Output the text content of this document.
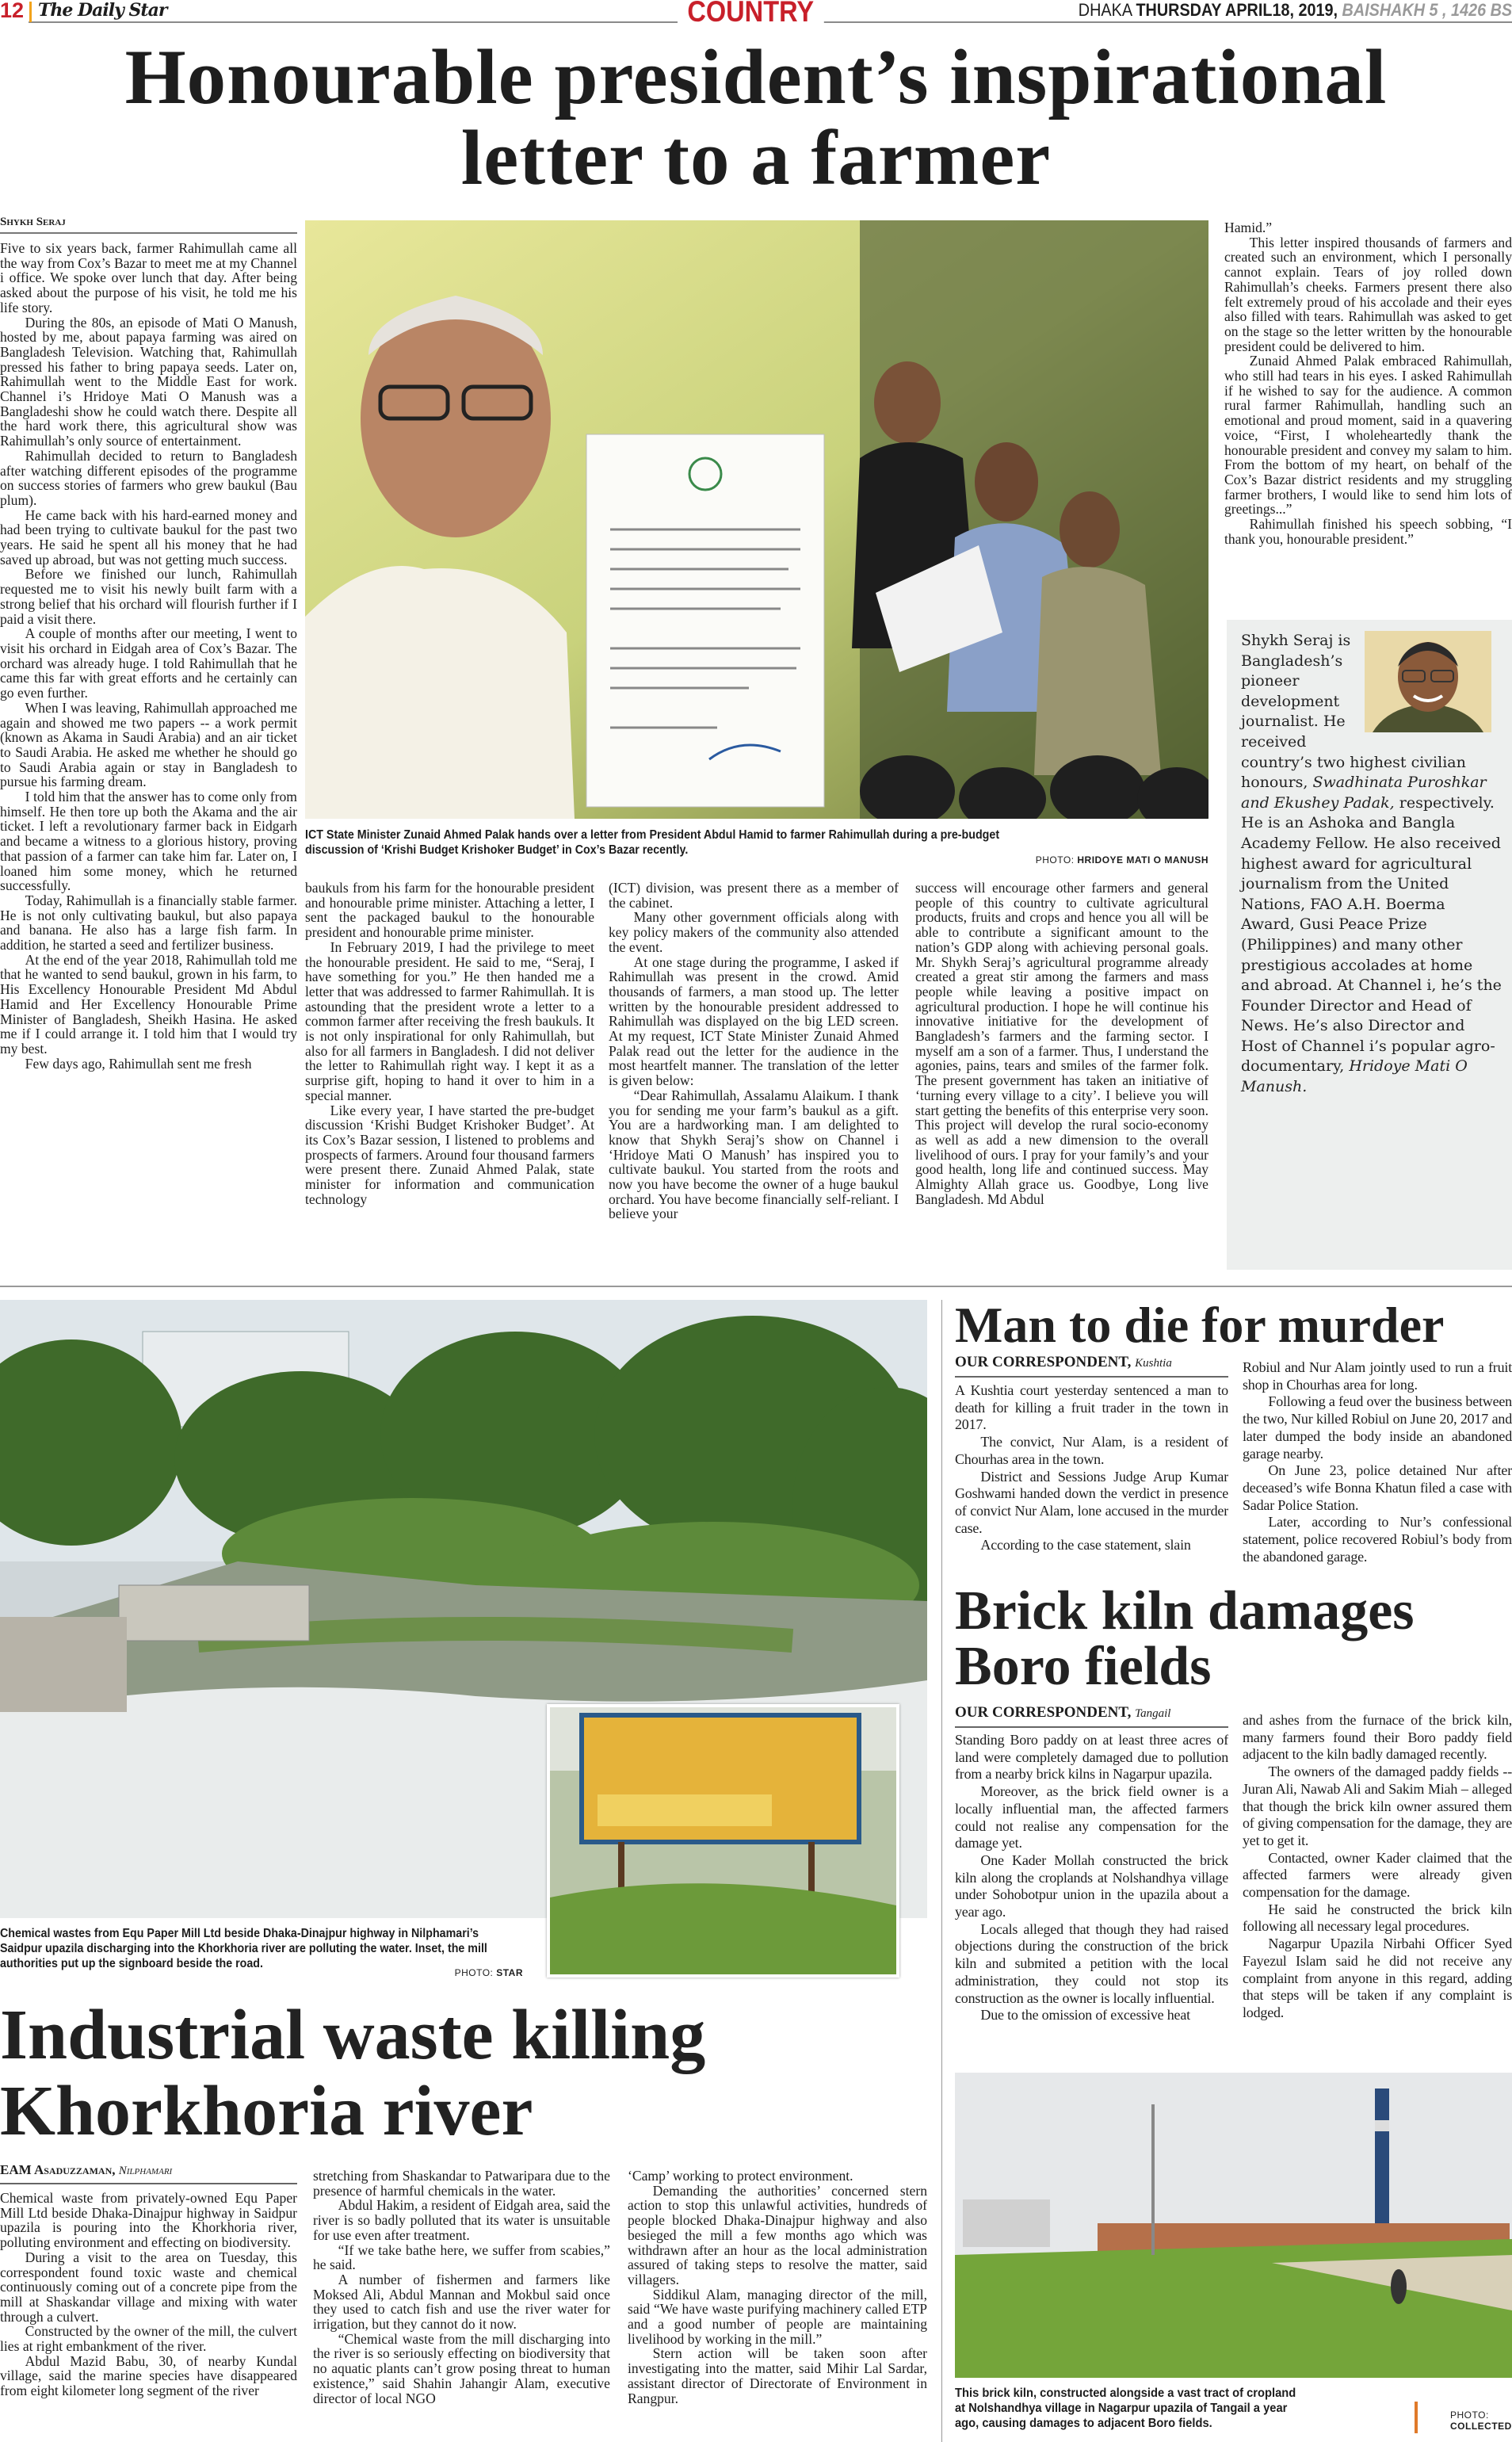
12 The Daily Star	COUNTRY	DHAKA THURSDAY APRIL18, 2019, BAISHAKH 5 , 1426 BS
Honourable president’s inspirational
letter to a farmer
Shykh Seraj

Five to six years back, farmer Rahimullah came all the way from Cox’s Bazar to meet me at my Channel i office. We spoke over lunch that day. After being asked about the purpose of his visit, he told me his life story.

During the 80s, an episode of Mati O Manush, hosted by me, about papaya farming was aired on Bangladesh Television. Watching that, Rahimullah pressed his father to bring papaya seeds. Later on, Rahimullah went to the Middle East for work. Channel i’s Hridoye Mati O Manush was a Bangladeshi show he could watch there. Despite all the hard work there, this agricultural show was Rahimullah’s only source of entertainment.

Rahimullah decided to return to Bangladesh after watching different episodes of the programme on success stories of farmers who grew baukul (Bau plum).

He came back with his hard-earned money and had been trying to cultivate baukul for the past two years. He said he spent all his money that he had saved up abroad, but was not getting much success.

Before we finished our lunch, Rahimullah requested me to visit his newly built farm with a strong belief that his orchard will flourish further if I paid a visit there.

A couple of months after our meeting, I went to visit his orchard in Eidgah area of Cox’s Bazar. The orchard was already huge. I told Rahimullah that he came this far with great efforts and he certainly can go even further.

When I was leaving, Rahimullah approached me again and showed me two papers -- a work permit (known as Akama in Saudi Arabia) and an air ticket to Saudi Arabia. He asked me whether he should go to Saudi Arabia again or stay in Bangladesh to pursue his farming dream.

I told him that the answer has to come only from himself. He then tore up both the Akama and the air ticket. I left a revolutionary farmer back in Eidgarh and became a witness to a glorious history, proving that passion of a farmer can take him far. Later on, I loaned him some money, which he returned successfully.

Today, Rahimullah is a financially stable farmer. He is not only cultivating baukul, but also papaya and banana. He also has a large fish farm. In addition, he started a seed and fertilizer business.

At the end of the year 2018, Rahimullah told me that he wanted to send baukul, grown in his farm, to His Excellency Honourable President Md Abdul Hamid and Her Excellency Honourable Prime Minister of Bangladesh, Sheikh Hasina. He asked me if I could arrange it. I told him that I would try my best.

Few days ago, Rahimullah sent me fresh

ICT State Minister Zunaid Ahmed Palak hands over a letter from President Abdul Hamid to farmer Rahimullah during a pre-budget discussion of ‘Krishi Budget Krishoker Budget’ in Cox’s Bazar recently.
PHOTO: HRIDOYE MATI O MANUSH

baukuls from his farm for the honourable president and honourable prime minister. Attaching a letter, I sent the packaged baukul to the honourable president and honourable prime minister.

In February 2019, I had the privilege to meet the honourable president. He said to me, “Seraj, I have something for you.” He then handed me a letter that was addressed to farmer Rahimullah. It is astounding that the president wrote a letter to a common farmer after receiving the fresh baukuls. It is not only inspirational for only Rahimullah, but also for all farmers in Bangladesh. I did not deliver the letter to Rahimullah right way. I kept it as a surprise gift, hoping to hand it over to him in a special manner.

Like every year, I have started the pre-budget discussion ‘Krishi Budget Krishoker Budget’. At its Cox’s Bazar session, I listened to problems and prospects of farmers. Around four thousand farmers were present there. Zunaid Ahmed Palak, state minister for information and communication technology

(ICT) division, was present there as a member of the cabinet.

Many other government officials along with key policy makers of the community also attended the event.

At one stage during the programme, I asked if Rahimullah was present in the crowd. Amid thousands of farmers, a man stood up. The letter written by the honourable president addressed to Rahimullah was displayed on the big LED screen. At my request, ICT State Minister Zunaid Ahmed Palak read out the letter for the audience in the most heartfelt manner. The translation of the letter is given below:

“Dear Rahimullah, Assalamu Alaikum. I thank you for sending me your farm’s baukul as a gift. You are a hardworking man. I am delighted to know that Shykh Seraj’s show on Channel i ‘Hridoye Mati O Manush’ has inspired you to cultivate baukul. You started from the roots and now you have become the owner of a huge baukul orchard. You have become financially self-reliant. I believe your

success will encourage other farmers and general people of this country to cultivate agricultural products, fruits and crops and hence you all will be able to contribute a significant amount to the nation’s GDP along with achieving personal goals. Mr. Shykh Seraj’s agricultural programme already created a great stir among the farmers and mass people while leaving a positive impact on agricultural production. I hope he will continue his innovative initiative for the development of Bangladesh’s farmers and the farming sector. I myself am a son of a farmer. Thus, I understand the agonies, pains, tears and smiles of the farmer folk. The present government has taken an initiative of ‘turning every village to a city’. I believe you will start getting the benefits of this enterprise very soon. This project will develop the rural socio-economy as well as add a new dimension to the overall livelihood of ours. I pray for your family’s and your good health, long life and continued success. May Almighty Allah grace us. Goodbye, Long live Bangladesh. Md Abdul

Hamid.”

This letter inspired thousands of farmers and created such an environment, which I personally cannot explain. Tears of joy rolled down Rahimullah’s cheeks. Farmers present there also felt extremely proud of his accolade and their eyes also filled with tears. Rahimullah was asked to get on the stage so the letter written by the honourable president could be delivered to him.

Zunaid Ahmed Palak embraced Rahimullah, who still had tears in his eyes. I asked Rahimullah if he wished to say for the audience. A common rural farmer Rahimullah, handling such an emotional and proud moment, said in a quavering voice, “First, I wholeheartedly thank the honourable president and convey my salam to him. From the bottom of my heart, on behalf of the Cox’s Bazar district residents and my struggling farmer brothers, I would like to send him lots of greetings...”

Rahimullah finished his speech sobbing, “I thank you, honourable president.”

Shykh Seraj is Bangladesh’s pioneer development journalist. He received country’s two highest civilian honours, Swadhinata Puroshkar and Ekushey Padak, respectively. He is an Ashoka and Bangla Academy Fellow. He also received highest award for agricultural journalism from the United Nations, FAO A.H. Boerma Award, Gusi Peace Prize (Philippines) and many other prestigious accolades at home and abroad. At Channel i, he’s the Founder Director and Head of News. He’s also Director and Host of Channel i’s popular agro-documentary, Hridoye Mati O Manush.
Chemical wastes from Equ Paper Mill Ltd beside Dhaka-Dinajpur highway in Nilphamari’s Saidpur upazila discharging into the Khorkhoria river are polluting the water. Inset, the mill authorities put up the signboard beside the road.
PHOTO: STAR
Industrial waste killing
Khorkhoria river
EAM Asaduzzaman, Nilphamari

Chemical waste from privately-owned Equ Paper Mill Ltd beside Dhaka-Dinajpur highway in Saidpur upazila is pouring into the Khorkhoria river, polluting environment and effecting on biodiversity.

During a visit to the area on Tuesday, this correspondent found toxic waste and chemical continuously coming out of a concrete pipe from the mill at Shaskandar village and mixing with water through a culvert.

Constructed by the owner of the mill, the culvert lies at right embankment of the river.

Abdul Mazid Babu, 30, of nearby Kundal village, said the marine species have disappeared from eight kilometer long segment of the river

stretching from Shaskandar to Patwaripara due to the presence of harmful chemicals in the water.

Abdul Hakim, a resident of Eidgah area, said the river is so badly polluted that its water is unsuitable for use even after treatment.

“If we take bathe here, we suffer from scabies,” he said.

A number of fishermen and farmers like Moksed Ali, Abdul Mannan and Mokbul said once they used to catch fish and use the river water for irrigation, but they cannot do it now.

“Chemical waste from the mill discharging into the river is so seriously effecting on biodiversity that no aquatic plants can’t grow posing threat to human existence,” said Shahin Jahangir Alam, executive director of local NGO

‘Camp’ working to protect environment.

Demanding the authorities’ concerned stern action to stop this unlawful activities, hundreds of people blocked Dhaka-Dinajpur highway and also besieged the mill a few months ago which was withdrawn after an hour as the local administration assured of taking steps to resolve the matter, said villagers.

Siddikul Alam, managing director of the mill, said “We have waste purifying machinery called ETP and a good number of people are maintaining livelihood by working in the mill.”

Stern action will be taken soon after investigating into the matter, said Mihir Lal Sardar, assistant director of Directorate of Environment in Rangpur.

Man to die for murder
OUR CORRESPONDENT, Kushtia

A Kushtia court yesterday sentenced a man to death for killing a fruit trader in the town in 2017.

The convict, Nur Alam, is a resident of Chourhas area in the town.

District and Sessions Judge Arup Kumar Goshwami handed down the verdict in presence of convict Nur Alam, lone accused in the murder case.

According to the case statement, slain

Robiul and Nur Alam jointly used to run a fruit shop in Chourhas area for long.

Following a feud over the business between the two, Nur killed Robiul on June 20, 2017 and later dumped the body inside an abandoned garage nearby.

On June 23, police detained Nur after deceased’s wife Bonna Khatun filed a case with Sadar Police Station.

Later, according to Nur’s confessional statement, police recovered Robiul’s body from the abandoned garage.

Brick kiln damages
Boro fields
OUR CORRESPONDENT, Tangail

Standing Boro paddy on at least three acres of land were completely damaged due to pollution from a nearby brick kilns in Nagarpur upazila.

Moreover, as the brick field owner is a locally influential man, the affected farmers could not realise any compensation for the damage yet.

One Kader Mollah constructed the brick kiln along the croplands at Nolshandhya village under Sohobotpur union in the upazila about a year ago.

Locals alleged that though they had raised objections during the construction of the brick kiln and submited a petition with the local administration, they could not stop its construction as the owner is locally influential.

Due to the omission of excessive heat

and ashes from the furnace of the brick kiln, many farmers found their Boro paddy field adjacent to the kiln badly damaged recently.

The owners of the damaged paddy fields -- Juran Ali, Nawab Ali and Sakim Miah – alleged that though the brick kiln owner assured them of giving compensation for the damage, they are yet to get it.

Contacted, owner Kader claimed that the affected farmers were already given compensation for the damage.

He said he constructed the brick kiln following all necessary legal procedures.

Nagarpur Upazila Nirbahi Officer Syed Fayezul Islam said he did not receive any complaint from anyone in this regard, adding that steps will be taken if any complaint is lodged.

This brick kiln, constructed alongside a vast tract of cropland at Nolshandhya village in Nagarpur upazila of Tangail a year ago, causing damages to adjacent Boro fields.
PHOTO:
COLLECTED
